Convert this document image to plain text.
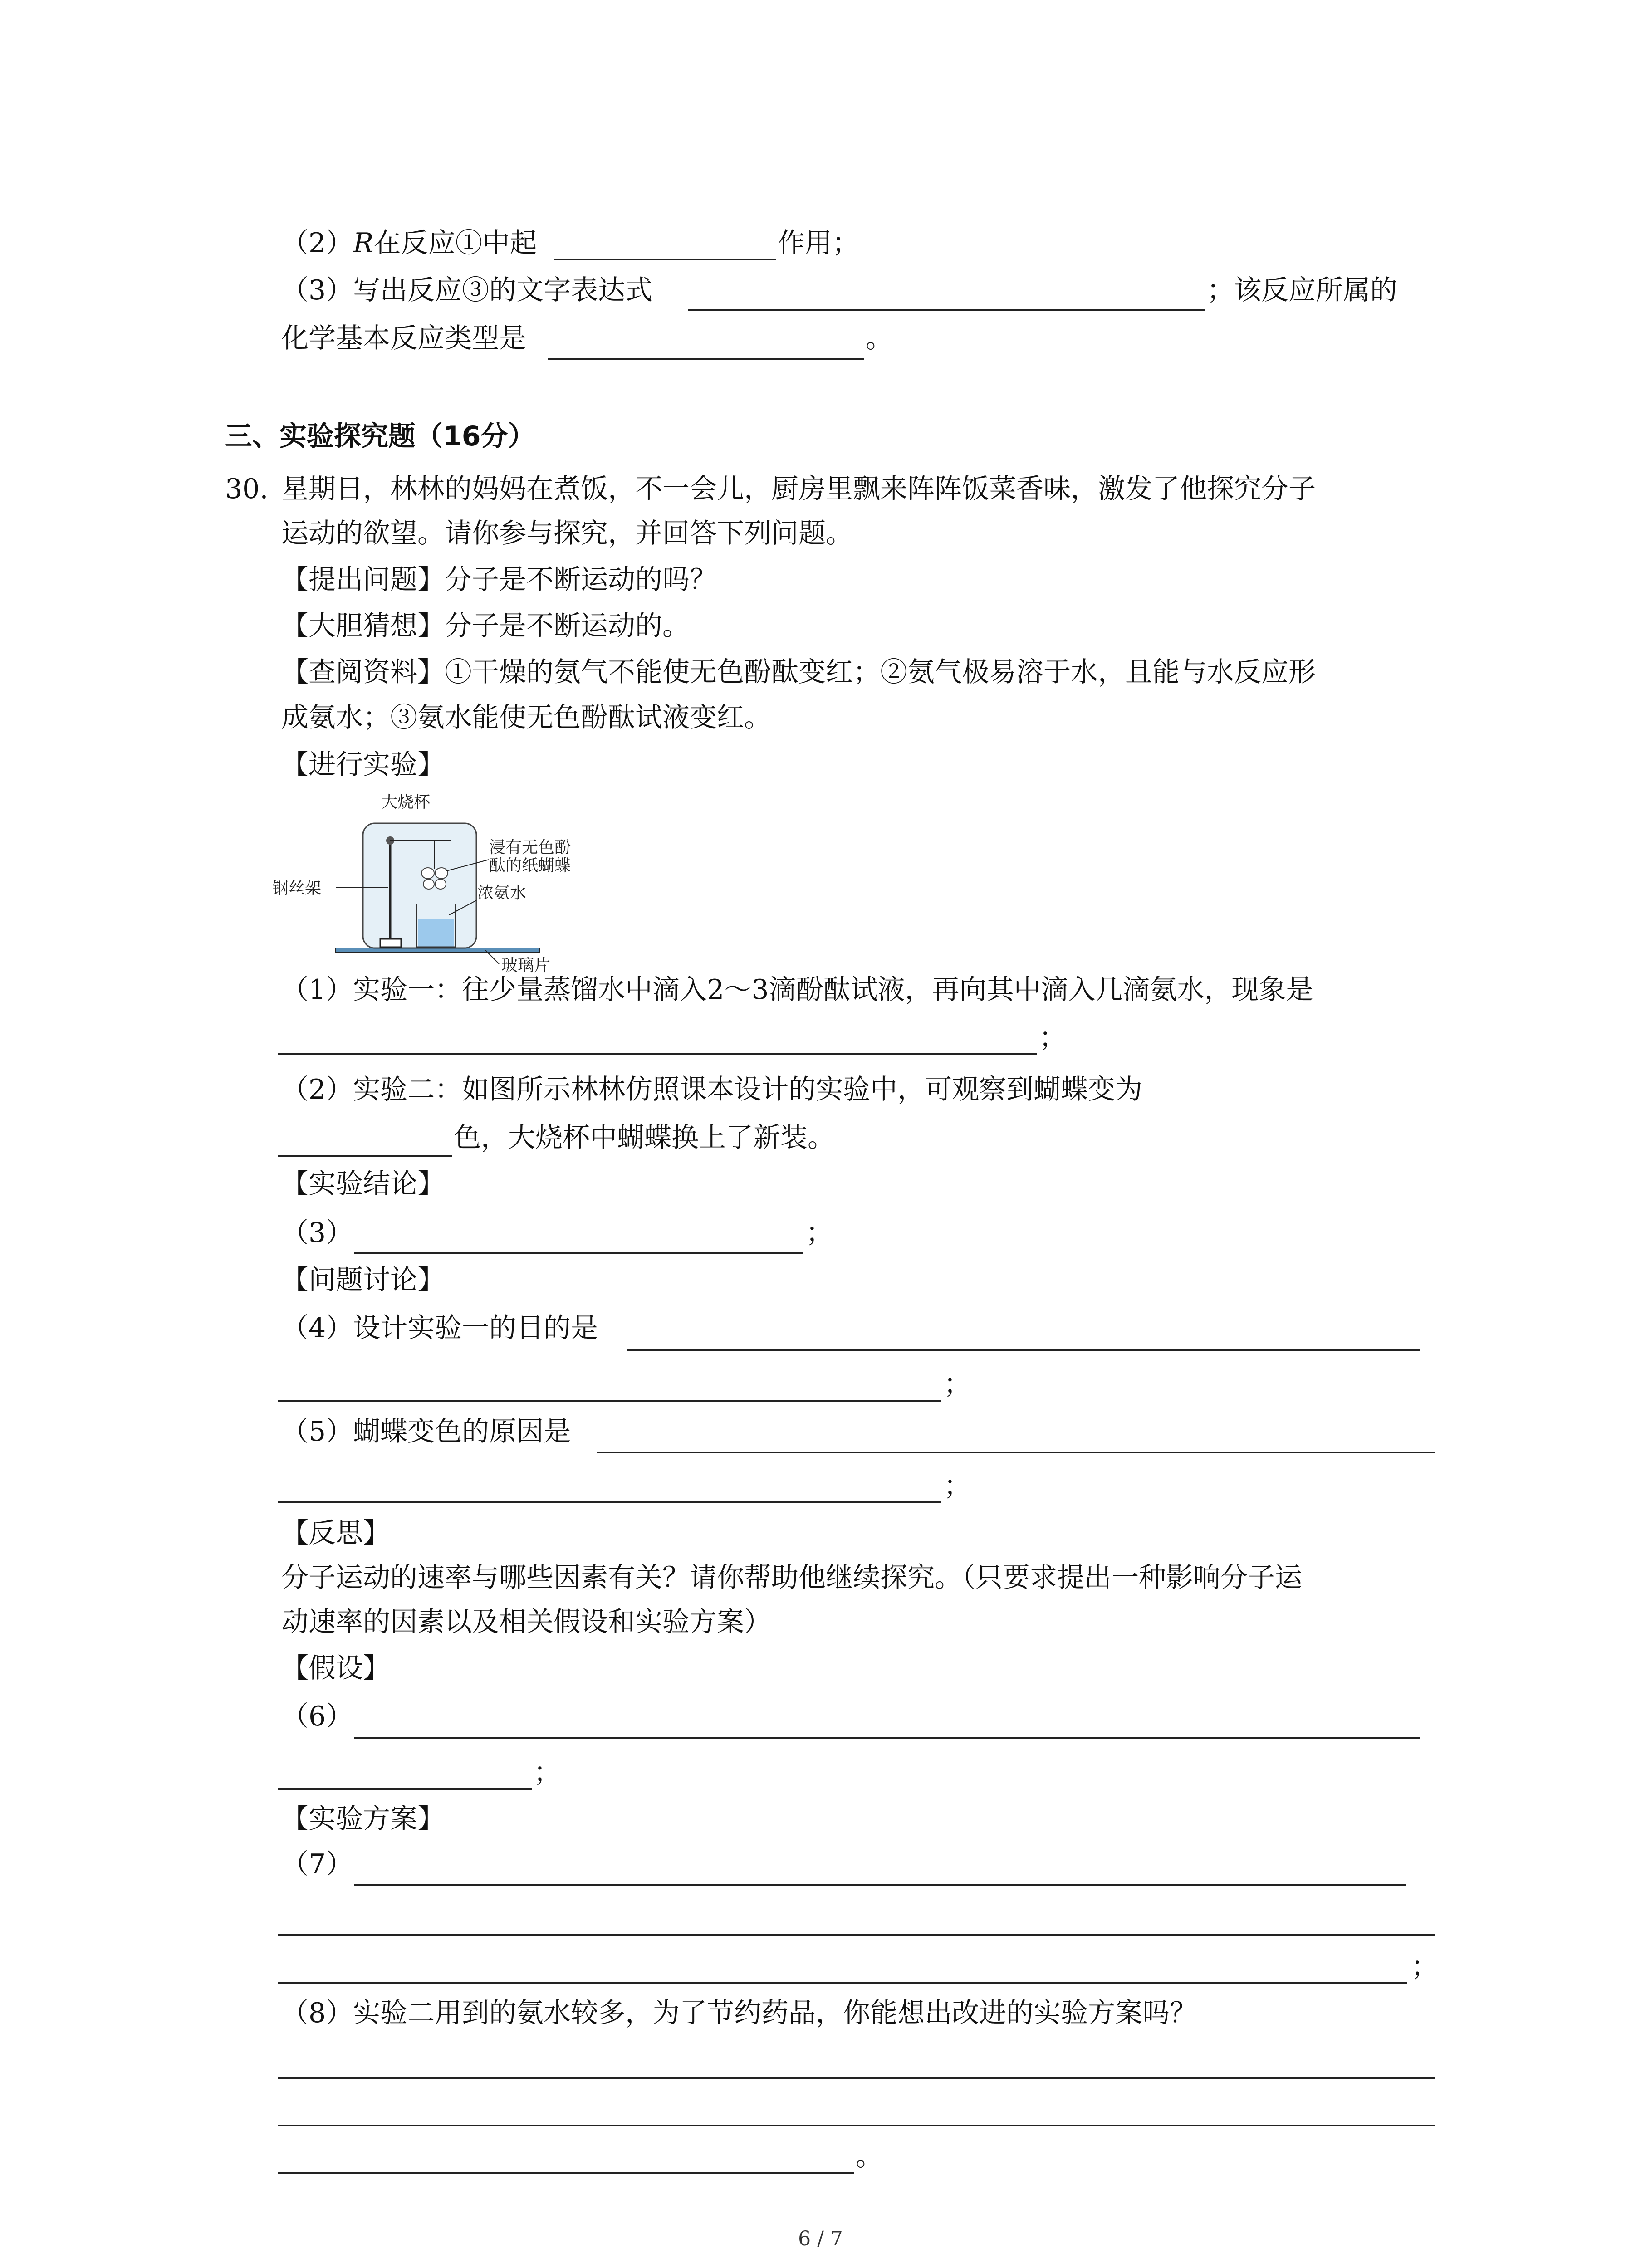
（2）R在反应①中起	作用；

（3）写出反应③的文字表达式	；该反应所属的

化学基本反应类型是	。

三、实验探究题（16分）

30. 星期日，林林的妈妈在煮饭，不一会儿，厨房里飘来阵阵饭菜香味，激发了他探究分子

运动的欲望。请你参与探究，并回答下列问题。

【提出问题】分子是不断运动的吗？

【大胆猜想】分子是不断运动的。

【查阅资料】①干燥的氨气不能使无色酚酞变红；②氨气极易溶于水，且能与水反应形

成氨水；③氨水能使无色酚酞试液变红。

【进行实验】

大烧杯
浸有无色酚
酞的纸蝴蝶
钢丝架	浓氨水
玻璃片

（1）实验一：往少量蒸馏水中滴入2～3滴酚酞试液，再向其中滴入几滴氨水，现象是

；

（2）实验二：如图所示林林仿照课本设计的实验中，可观察到蝴蝶变为

色，大烧杯中蝴蝶换上了新装。

【实验结论】

（3）	；

【问题讨论】

（4）设计实验一的目的是

；

（5）蝴蝶变色的原因是

；

【反思】

分子运动的速率与哪些因素有关？请你帮助他继续探究。（只要求提出一种影响分子运

动速率的因素以及相关假设和实验方案）

【假设】

（6）

；

【实验方案】

（7）

；

（8）实验二用到的氨水较多，为了节约药品，你能想出改进的实验方案吗？

。

6 / 7
